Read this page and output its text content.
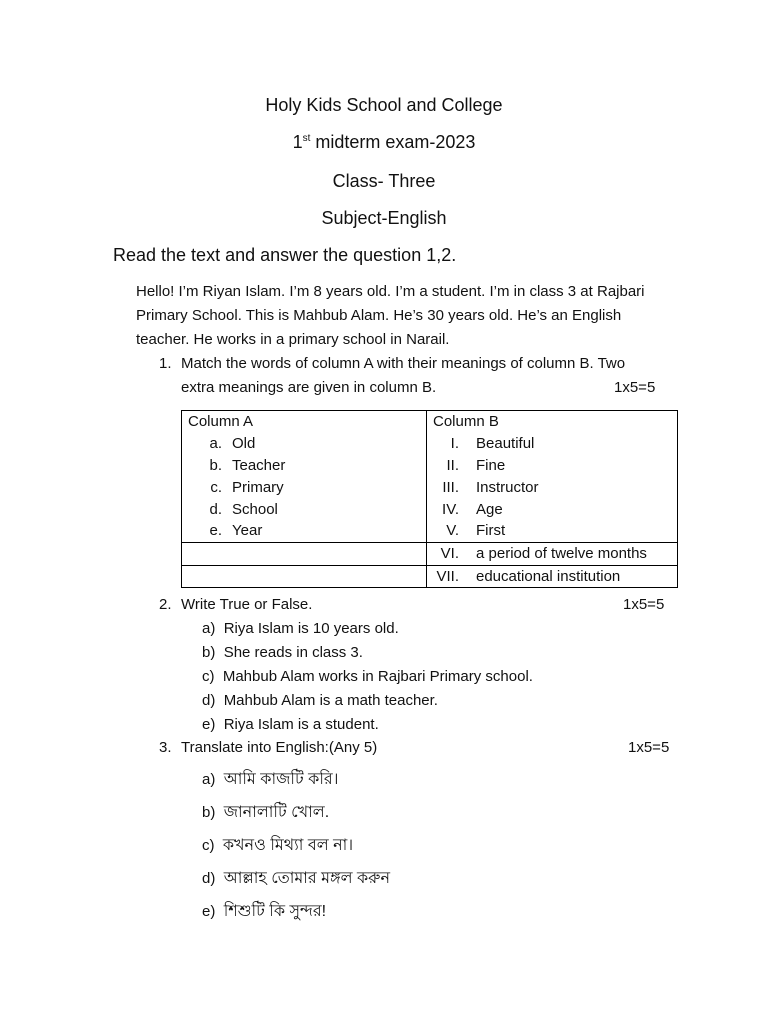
Holy Kids School and College
1st midterm exam-2023
Class- Three
Subject-English
Read the text and answer the question 1,2.
Hello! I’m Riyan Islam. I’m 8 years old. I’m a student. I’m in class 3 at Rajbari
Primary School. This is Mahbub Alam. He’s 30 years old. He’s an English
teacher. He works in a primary school in Narail.
1. Match the words of column A with their meanings of column B. Two
extra meanings are given in column B.	1x5=5
Column A	Column B
a. Old	I. Beautiful
b. Teacher	II. Fine
c. Primary	III. Instructor
d. School	IV. Age
e. Year	V. First
	VI. a period of twelve months
	VII. educational institution
2. Write True or False.	1x5=5
a) Riya Islam is 10 years old.
b) She reads in class 3.
c) Mahbub Alam works in Rajbari Primary school.
d) Mahbub Alam is a math teacher.
e) Riya Islam is a student.
3. Translate into English:(Any 5)	1x5=5
a) আমি কাজটি করি।
b) জানালাটি খোল.
c) কখনও মিথ্যা বল না।
d) আল্লাহ তোমার মঙ্গল করুন
e) শিশুটি কি সুন্দর!
